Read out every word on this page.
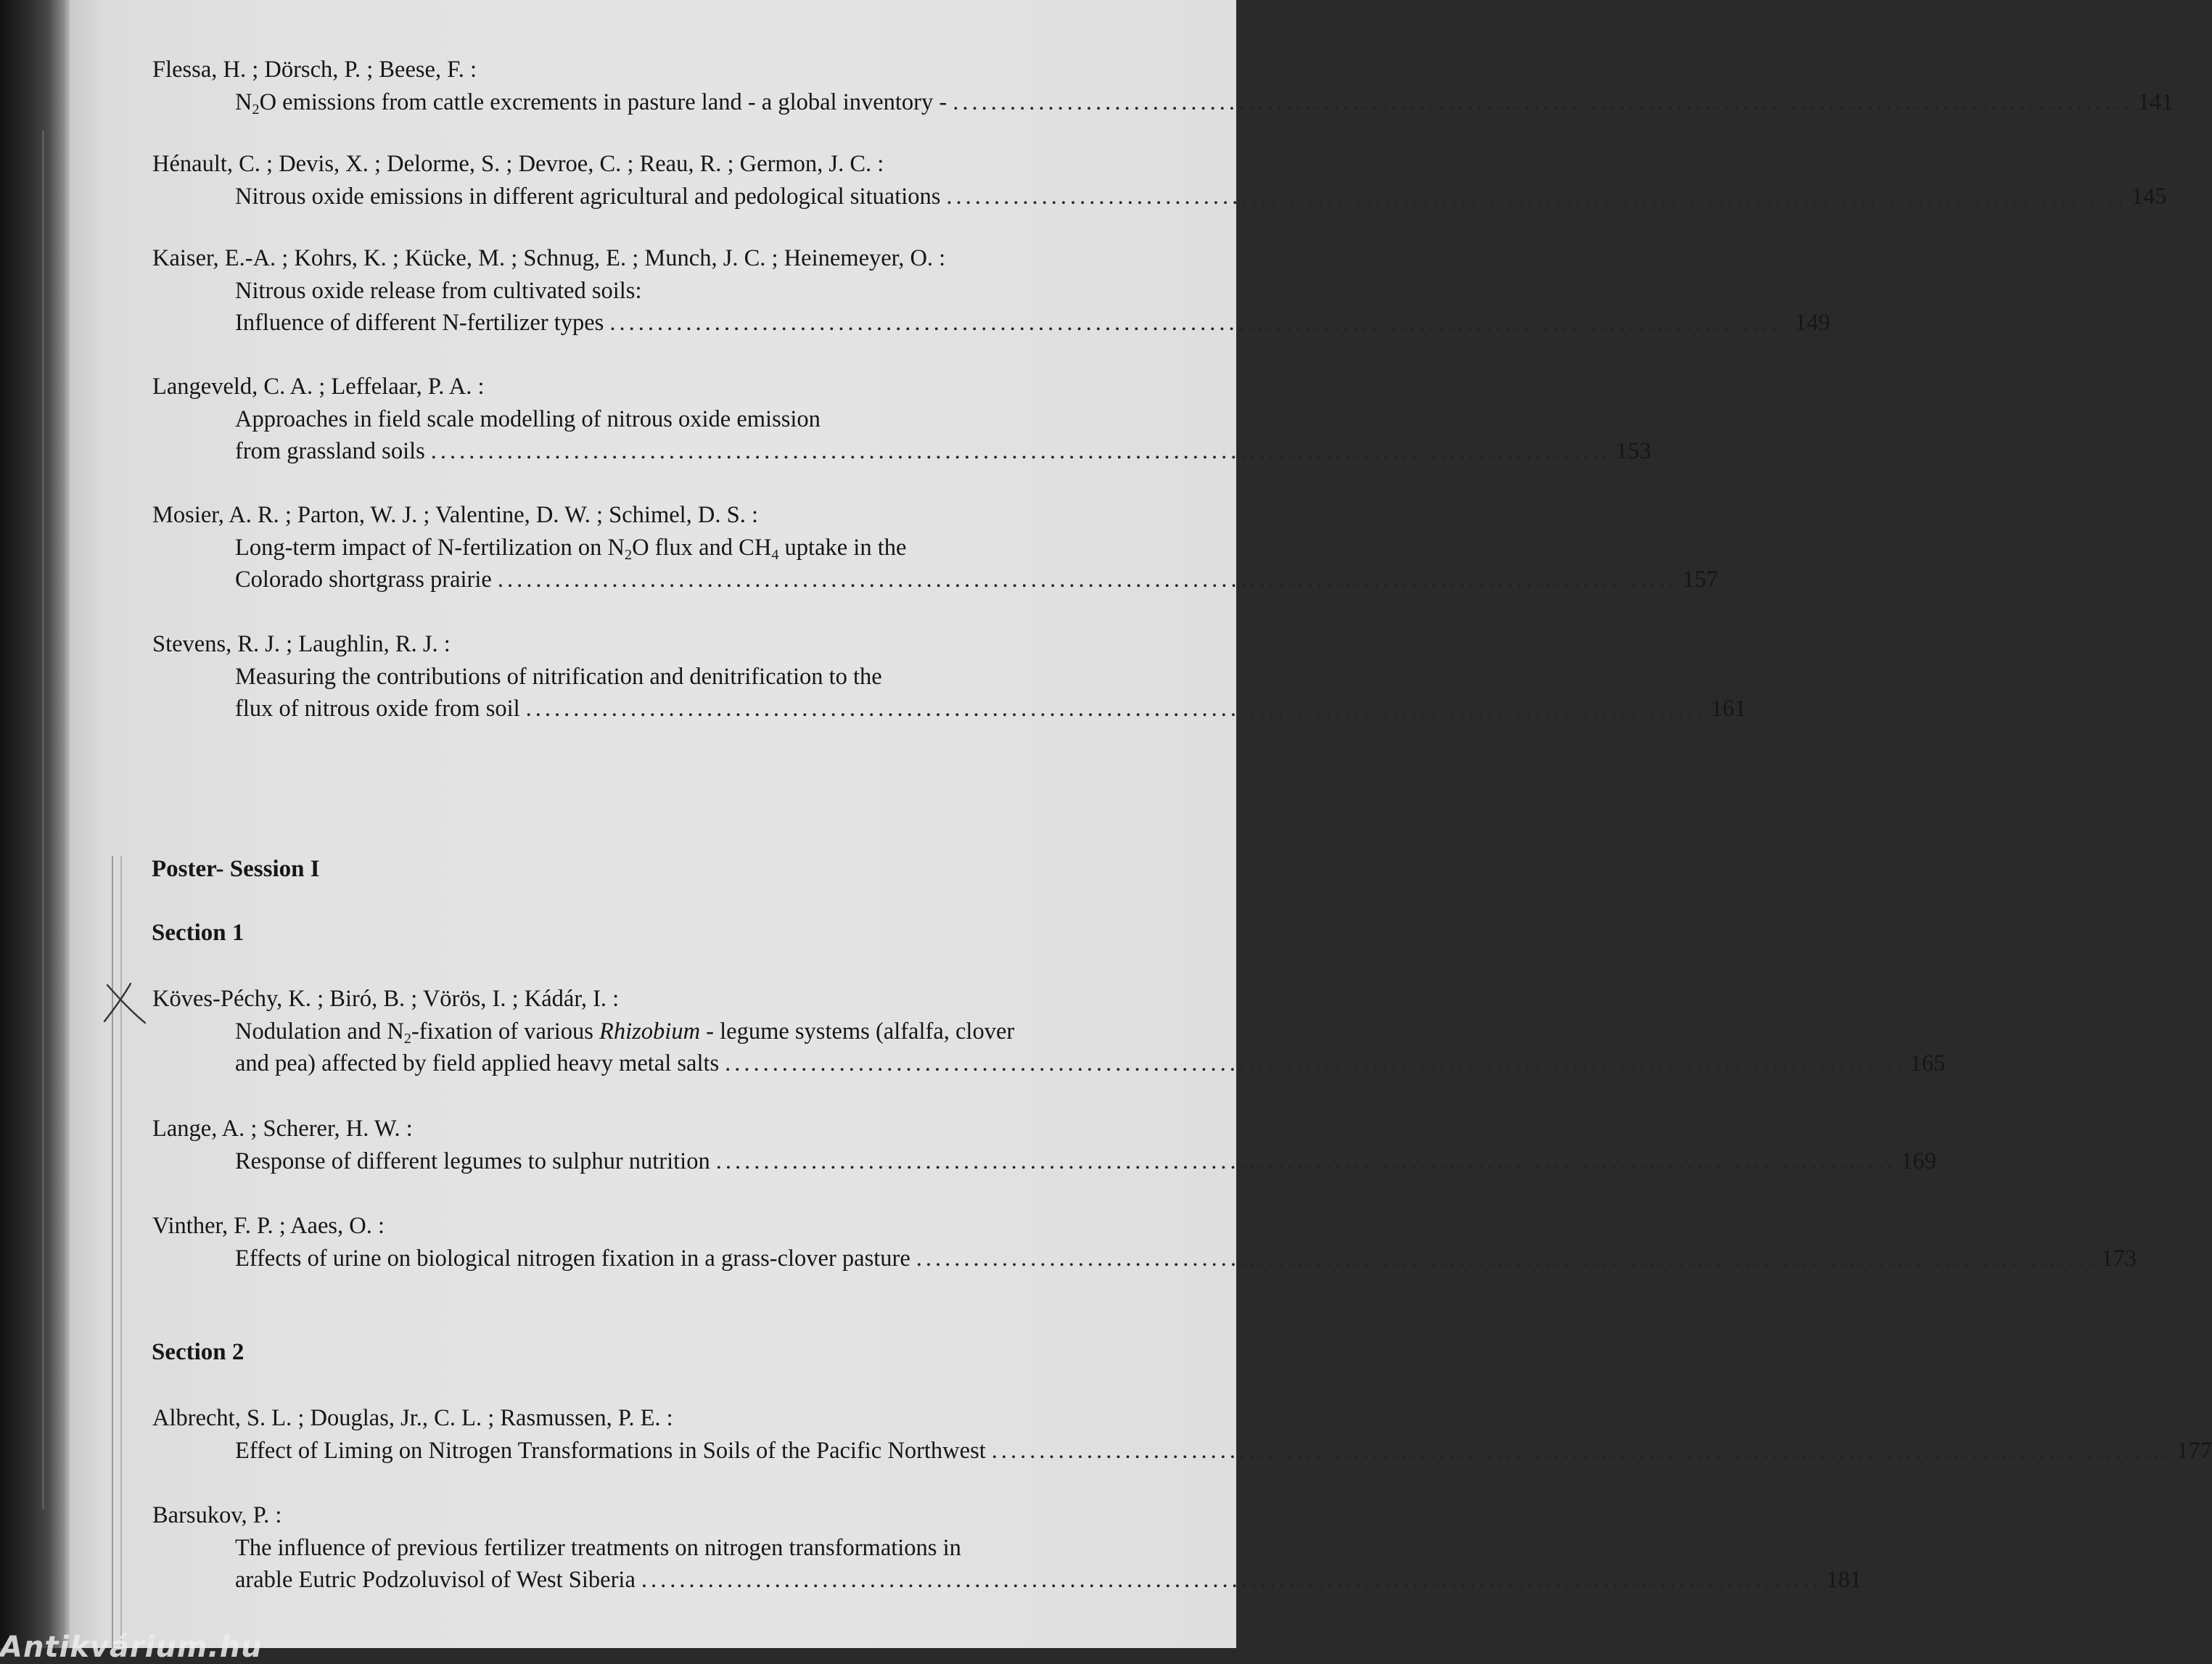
Flessa, H. ; Dörsch, P. ; Beese, F. :
$N_2O$ emissions from cattle excrements in pasture land - a global inventory - ............................................................................................................................ 141
Hénault, C. ; Devis, X. ; Delorme, S. ; Devroe, C. ; Reau, R. ; Germon, J. C. :
Nitrous oxide emissions in different agricultural and pedological situations ............................................................................................................................ 145
Kaiser, E.-A. ; Kohrs, K. ; Kücke, M. ; Schnug, E. ; Munch, J. C. ; Heinemeyer, O. :
Nitrous oxide release from cultivated soils:
Influence of different N-fertilizer types ............................................................................................................................ 149
Langeveld, C. A. ; Leffelaar, P. A. :
Approaches in field scale modelling of nitrous oxide emission
from grassland soils ............................................................................................................................ 153
Mosier, A. R. ; Parton, W. J. ; Valentine, D. W. ; Schimel, D. S. :
Long-term impact of N-fertilization on $N_2O$ flux and $CH_4$ uptake in the
Colorado shortgrass prairie ............................................................................................................................ 157
Stevens, R. J. ; Laughlin, R. J. :
Measuring the contributions of nitrification and denitrification to the
flux of nitrous oxide from soil ............................................................................................................................ 161
Poster- Session I
Section 1
Köves-Péchy, K. ; Biró, B. ; Vörös, I. ; Kádár, I. :
Nodulation and $N_2$-fixation of various Rhizobium - legume systems (alfalfa, clover
and pea) affected by field applied heavy metal salts ............................................................................................................................ 165
Lange, A. ; Scherer, H. W. :
Response of different legumes to sulphur nutrition ............................................................................................................................ 169
Vinther, F. P. ; Aaes, O. :
Effects of urine on biological nitrogen fixation in a grass-clover pasture ............................................................................................................................ 173
Section 2
Albrecht, S. L. ; Douglas, Jr., C. L. ; Rasmussen, P. E. :
Effect of Liming on Nitrogen Transformations in Soils of the Pacific Northwest ............................................................................................................................ 177
Barsukov, P. :
The influence of previous fertilizer treatments on nitrogen transformations in
arable Eutric Podzoluvisol of West Siberia ............................................................................................................................ 181
Antikvárium.hu
